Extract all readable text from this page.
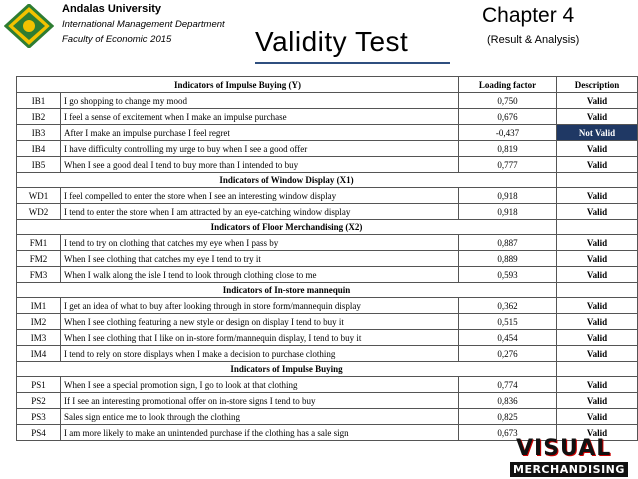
Andalas University
International Management Department
Faculty of Economic 2015	Validity Test
Chapter 4
(Result & Analysis)
Indicators of Impulse Buying (Y)		Loading factor	Description
IB1	I go shopping to change my mood	0,750	Valid
IB2	I feel a sense of excitement when I make an impulse purchase	0,676	Valid
IB3	After I make an impulse purchase I feel regret	-0,437	Not Valid
IB4	I have difficulty controlling my urge to buy when I see a good offer	0,819	Valid
IB5	When I see a good deal I tend to buy more than I intended to buy	0,777	Valid
Indicators of Window Display (X1)			
WD1	I feel compelled to enter the store when I see an interesting window display	0,918	Valid
WD2	I tend to enter the store when I am attracted by an eye-catching window display	0,918	Valid
Indicators of Floor Merchandising (X2)			
FM1	I tend to try on clothing that catches my eye when I pass by	0,887	Valid
FM2	When I see clothing that catches my eye I tend to try it	0,889	Valid
FM3	When I walk along the isle I tend to look through clothing close to me	0,593	Valid
Indicators of In-store mannequin			
IM1	I get an idea of what to buy after looking through in store form/mannequin display	0,362	Valid
IM2	When I see clothing featuring a new style or design on display I tend to buy it	0,515	Valid
IM3	When I see clothing that I like on in-store form/mannequin display, I tend to buy it	0,454	Valid
IM4	I tend to rely on store displays when I make a decision to purchase clothing	0,276	Valid
Indicators of Impulse Buying			
PS1	When I see a special promotion sign, I go to look at that clothing	0,774	Valid
PS2	If I see an interesting promotional offer on in-store signs I tend to buy	0,836	Valid
PS3	Sales sign entice me to look through the clothing	0,825	Valid
PS4	I am more likely to make an unintended purchase if the clothing has a sale sign	0,673	Valid
VISUAL
MERCHANDISING
